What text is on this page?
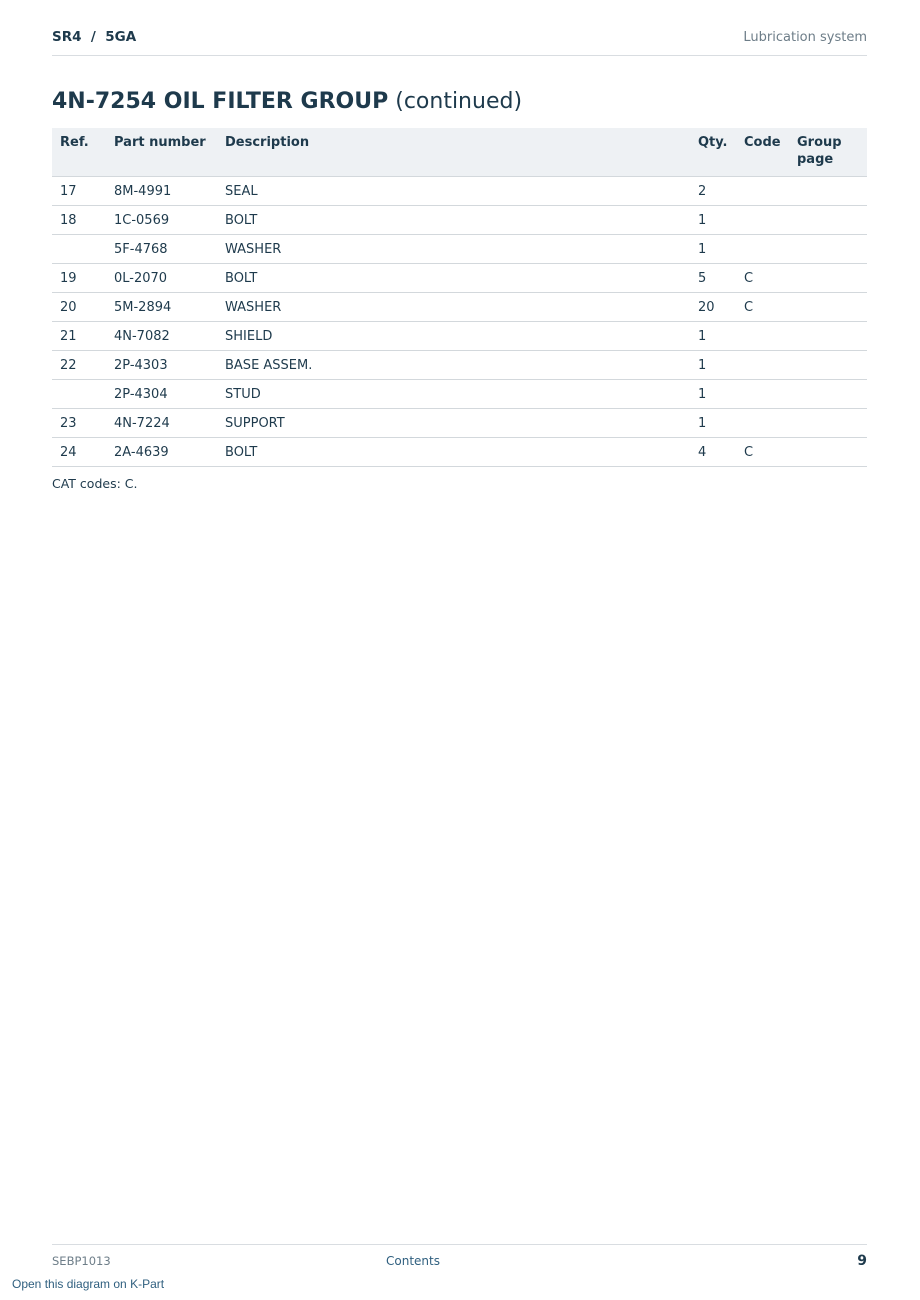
SR4  /  5GA	Lubrication system
4N-7254 OIL FILTER GROUP (continued)
Ref.	Part number	Description	Qty.	Code	Group page
17	8M-4991	SEAL	2		
18	1C-0569	BOLT	1		
	5F-4768	WASHER	1		
19	0L-2070	BOLT	5	C	
20	5M-2894	WASHER	20	C	
21	4N-7082	SHIELD	1		
22	2P-4303	BASE ASSEM.	1		
	2P-4304	STUD	1		
23	4N-7224	SUPPORT	1		
24	2A-4639	BOLT	4	C	
CAT codes: C.
SEBP1013	Contents	9
Open this diagram on K-Part
